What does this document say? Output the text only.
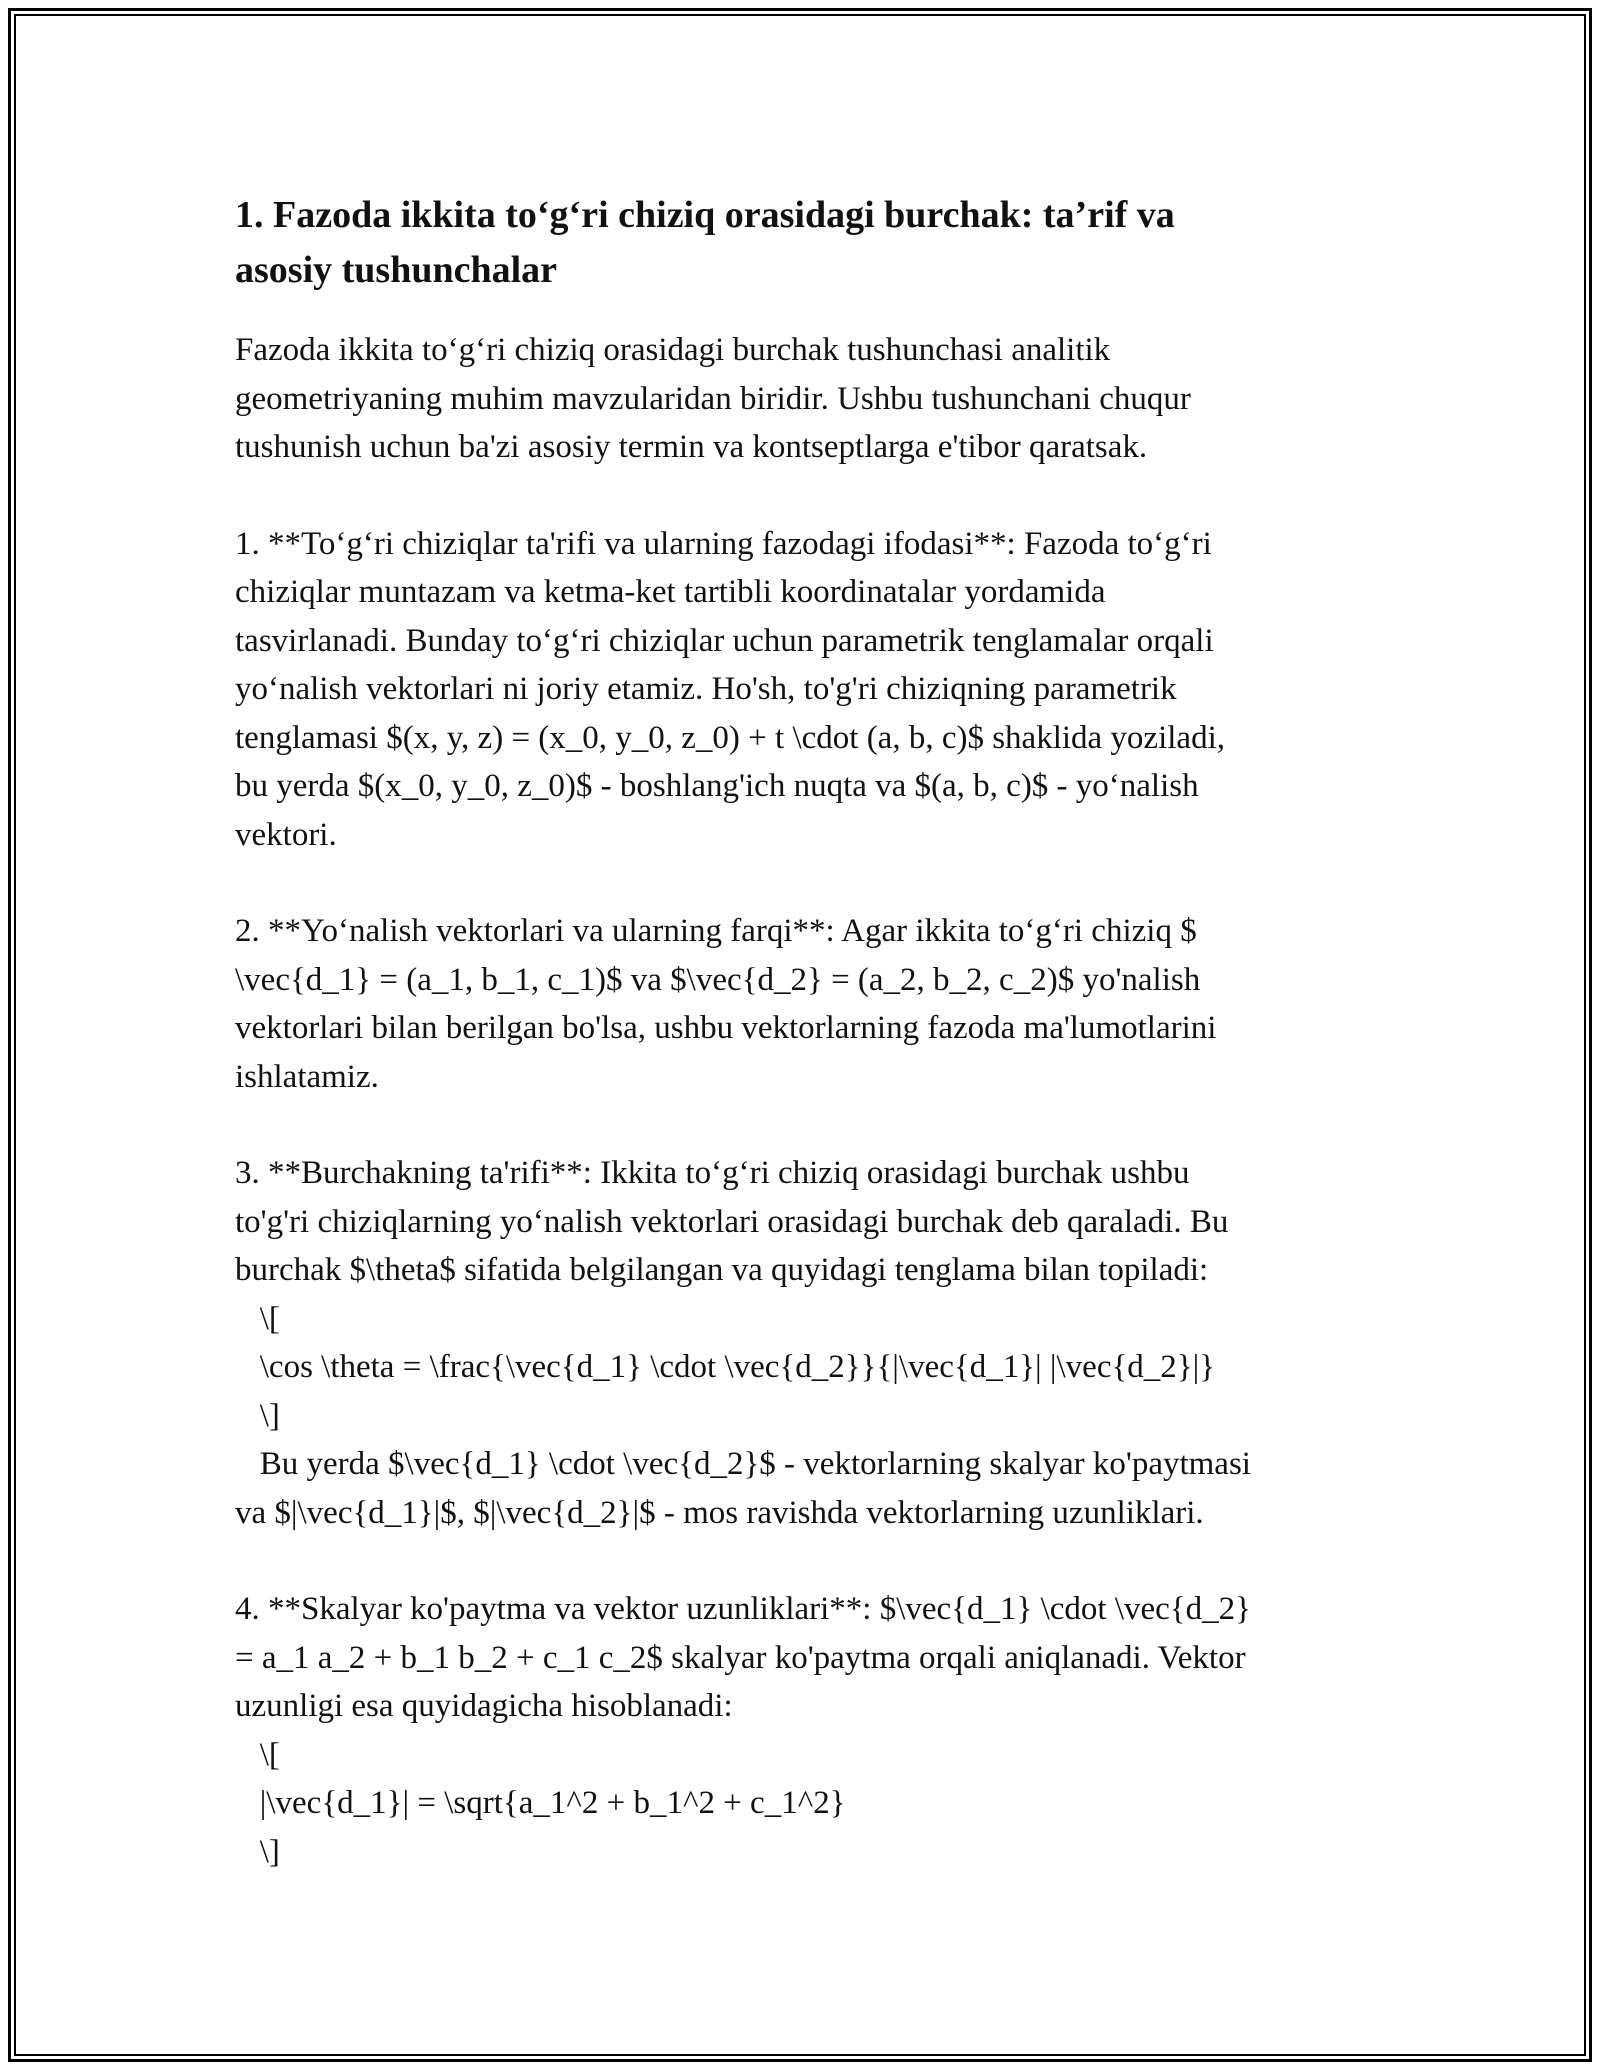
1. Fazoda ikkita to‘g‘ri chiziq orasidagi burchak: ta’rif va
asosiy tushunchalar

Fazoda ikkita to‘g‘ri chiziq orasidagi burchak tushunchasi analitik
geometriyaning muhim mavzularidan biridir. Ushbu tushunchani chuqur
tushunish uchun ba'zi asosiy termin va kontseptlarga e'tibor qaratsak.

1. **To‘g‘ri chiziqlar ta'rifi va ularning fazodagi ifodasi**: Fazoda to‘g‘ri
chiziqlar muntazam va ketma-ket tartibli koordinatalar yordamida
tasvirlanadi. Bunday to‘g‘ri chiziqlar uchun parametrik tenglamalar orqali
yo‘nalish vektorlari ni joriy etamiz. Ho'sh, to'g'ri chiziqning parametrik
tenglamasi $(x, y, z) = (x_0, y_0, z_0) + t \cdot (a, b, c)$ shaklida yoziladi,
bu yerda $(x_0, y_0, z_0)$ - boshlang'ich nuqta va $(a, b, c)$ - yo‘nalish
vektori.

2. **Yo‘nalish vektorlari va ularning farqi**: Agar ikkita to‘g‘ri chiziq $
\vec{d_1} = (a_1, b_1, c_1)$ va $\vec{d_2} = (a_2, b_2, c_2)$ yo'nalish
vektorlari bilan berilgan bo'lsa, ushbu vektorlarning fazoda ma'lumotlarini
ishlatamiz.

3. **Burchakning ta'rifi**: Ikkita to‘g‘ri chiziq orasidagi burchak ushbu
to'g'ri chiziqlarning yo‘nalish vektorlari orasidagi burchak deb qaraladi. Bu
burchak $\theta$ sifatida belgilangan va quyidagi tenglama bilan topiladi:
\[
\cos \theta = \frac{\vec{d_1} \cdot \vec{d_2}}{|\vec{d_1}| |\vec{d_2}|}
\]
Bu yerda $\vec{d_1} \cdot \vec{d_2}$ - vektorlarning skalyar ko'paytmasi
va $|\vec{d_1}|$, $|\vec{d_2}|$ - mos ravishda vektorlarning uzunliklari.

4. **Skalyar ko'paytma va vektor uzunliklari**: $\vec{d_1} \cdot \vec{d_2}
= a_1 a_2 + b_1 b_2 + c_1 c_2$ skalyar ko'paytma orqali aniqlanadi. Vektor
uzunligi esa quyidagicha hisoblanadi:
\[
|\vec{d_1}| = \sqrt{a_1^2 + b_1^2 + c_1^2}
\]
